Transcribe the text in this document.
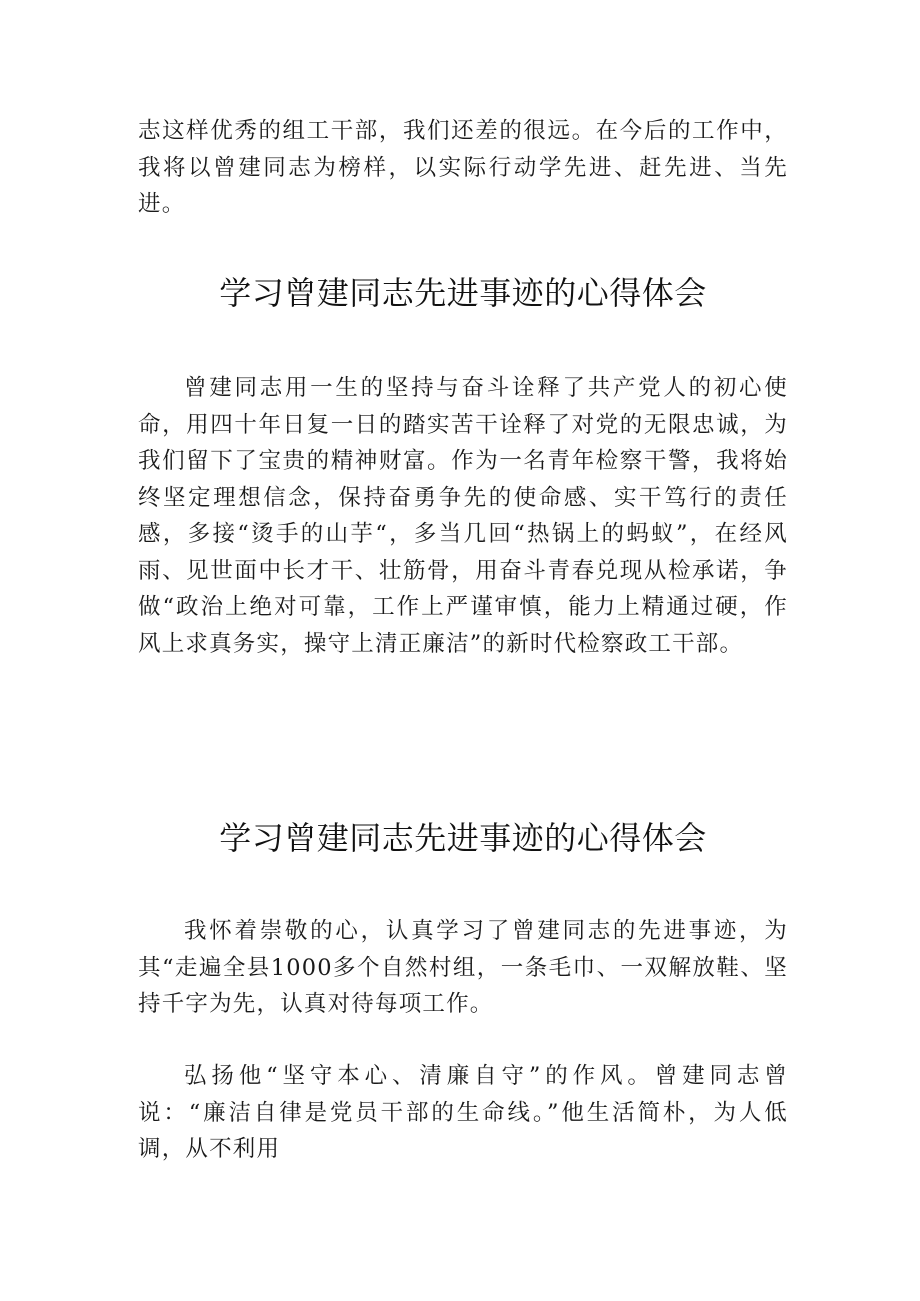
志这样优秀的组工干部，我们还差的很远。在今后的工作中，我将以曾建同志为榜样，以实际行动学先进、赶先进、当先进。

学习曾建同志先进事迹的心得体会

曾建同志用一生的坚持与奋斗诠释了共产党人的初心使命，用四十年日复一日的踏实苦干诠释了对党的无限忠诚，为我们留下了宝贵的精神财富。作为一名青年检察干警，我将始终坚定理想信念，保持奋勇争先的使命感、实干笃行的责任感，多接“烫手的山芋“，多当几回“热锅上的蚂蚁”，在经风雨、见世面中长才干、壮筋骨，用奋斗青春兑现从检承诺，争做“政治上绝对可靠，工作上严谨审慎，能力上精通过硬，作风上求真务实，操守上清正廉洁”的新时代检察政工干部。

学习曾建同志先进事迹的心得体会

我怀着崇敬的心，认真学习了曾建同志的先进事迹，为其“走遍全县1000多个自然村组，一条毛巾、一双解放鞋、坚持千字为先，认真对待每项工作。

弘扬他“坚守本心、清廉自守”的作风。曾建同志曾说：“廉洁自律是党员干部的生命线。”他生活简朴，为人低调，从不利用
